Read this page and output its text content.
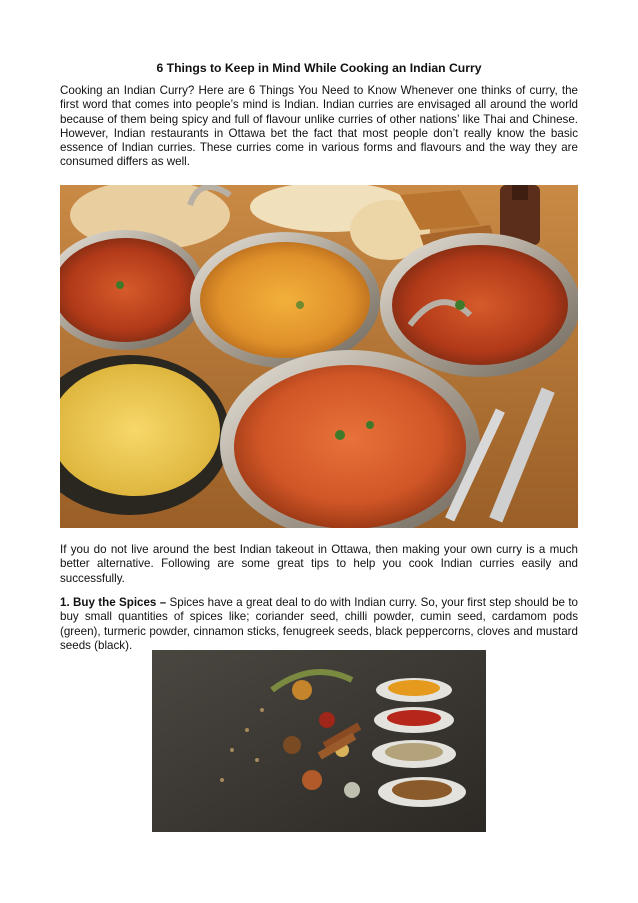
6 Things to Keep in Mind While Cooking an Indian Curry

Cooking an Indian Curry? Here are 6 Things You Need to Know Whenever one thinks of curry, the first word that comes into people’s mind is Indian. Indian curries are envisaged all around the world because of them being spicy and full of flavour unlike curries of other nations’ like Thai and Chinese. However, Indian restaurants in Ottawa bet the fact that most people don’t really know the basic essence of Indian curries. These curries come in various forms and flavours and the way they are consumed differs as well.

If you do not live around the best Indian takeout in Ottawa, then making your own curry is a much better alternative. Following are some great tips to help you cook Indian curries easily and successfully.

1. Buy the Spices – Spices have a great deal to do with Indian curry. So, your first step should be to buy small quantities of spices like; coriander seed, chilli powder, cumin seed, cardamom pods (green), turmeric powder, cinnamon sticks, fenugreek seeds, black peppercorns, cloves and mustard seeds (black).
